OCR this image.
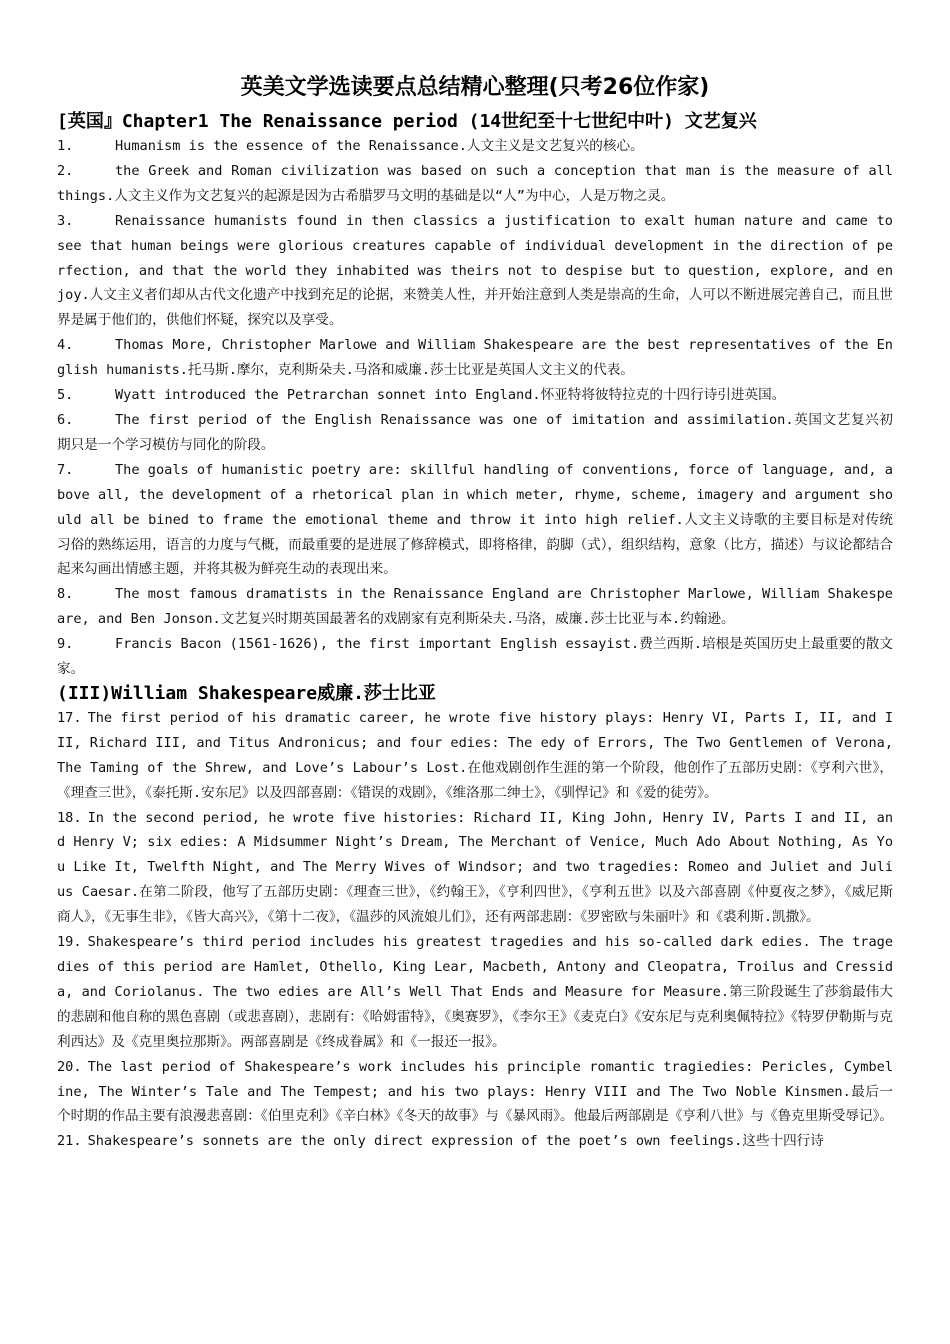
英美文学选读要点总结精心整理(只考26位作家)
[英国』Chapter1 The Renaissance period (14世纪至十七世纪中叶) 文艺复兴

1.	Humanism is the essence of the Renaissance.人文主义是文艺复兴的核心。

2.	the Greek and Roman civilization was based on such a conception that man is the measure of all things.人文主义作为文艺复兴的起源是因为古希腊罗马文明的基础是以“人”为中心，人是万物之灵。

3.	Renaissance humanists found in then classics a justification to exalt human nature and came to see that human beings were glorious creatures capable of individual development in the direction of perfection, and that the world they inhabited was theirs not to despise but to question, explore, and enjoy.人文主义者们却从古代文化遗产中找到充足的论据，来赞美人性，并开始注意到人类是崇高的生命，人可以不断进展完善自己，而且世界是属于他们的，供他们怀疑，探究以及享受。

4.	Thomas More, Christopher Marlowe and William Shakespeare are the best representatives of the English humanists.托马斯.摩尔，克利斯朵夫.马洛和威廉.莎士比亚是英国人文主义的代表。

5.	Wyatt introduced the Petrarchan sonnet into England.怀亚特将彼特拉克的十四行诗引进英国。

6.	The first period of the English Renaissance was one of imitation and assimilation.英国文艺复兴初期只是一个学习模仿与同化的阶段。

7.	The goals of humanistic poetry are: skillful handling of conventions, force of language, and, above all, the development of a rhetorical plan in which meter, rhyme, scheme, imagery and argument should all be bined to frame the emotional theme and throw it into high relief.人文主义诗歌的主要目标是对传统习俗的熟练运用，语言的力度与气概，而最重要的是进展了修辞模式，即将格律，韵脚（式），组织结构，意象（比方，描述）与议论都结合起来勾画出情感主题，并将其极为鲜亮生动的表现出来。

8.	The most famous dramatists in the Renaissance England are Christopher Marlowe, William Shakespeare, and Ben Jonson.文艺复兴时期英国最著名的戏剧家有克利斯朵夫.马洛，威廉.莎士比亚与本.约翰逊。

9.	Francis Bacon (1561-1626), the first important English essayist.费兰西斯.培根是英国历史上最重要的散文家。

(III)William Shakespeare威廉.莎士比亚

17. The first period of his dramatic career, he wrote five history plays: Henry VI, Parts I, II, and III, Richard III, and Titus Andronicus; and four edies: The edy of Errors, The Two Gentlemen of Verona, The Taming of the Shrew, and Love’s Labour’s Lost.在他戏剧创作生涯的第一个阶段，他创作了五部历史剧：《亨利六世》，《理查三世》，《泰托斯.安东尼》以及四部喜剧：《错误的戏剧》，《维洛那二绅士》，《驯悍记》和《爱的徒劳》。

18. In the second period, he wrote five histories: Richard II, King John, Henry IV, Parts I and II, and Henry V; six edies: A Midsummer Night’s Dream, The Merchant of Venice, Much Ado About Nothing, As You Like It, Twelfth Night, and The Merry Wives of Windsor; and two tragedies: Romeo and Juliet and Julius Caesar.在第二阶段，他写了五部历史剧：《理查三世》，《约翰王》，《亨利四世》，《亨利五世》以及六部喜剧《仲夏夜之梦》，《威尼斯商人》，《无事生非》，《皆大高兴》，《第十二夜》，《温莎的风流娘儿们》，还有两部悲剧：《罗密欧与朱丽叶》和《裘利斯.凯撒》。

19. Shakespeare’s third period includes his greatest tragedies and his so-called dark edies. The tragedies of this period are Hamlet, Othello, King Lear, Macbeth, Antony and Cleopatra, Troilus and Cressida, and Coriolanus. The two edies are All’s Well That Ends and Measure for Measure.第三阶段诞生了莎翁最伟大的悲剧和他自称的黑色喜剧（或悲喜剧），悲剧有：《哈姆雷特》，《奥赛罗》，《李尔王》《麦克白》《安东尼与克利奥佩特拉》《特罗伊勒斯与克利西达》及《克里奥拉那斯》。两部喜剧是《终成眷属》和《一报还一报》。

20. The last period of Shakespeare’s work includes his principle romantic tragiedies: Pericles, Cymbeline, The Winter’s Tale and The Tempest; and his two plays: Henry VIII and The Two Noble Kinsmen.最后一个时期的作品主要有浪漫悲喜剧：《伯里克利》《辛白林》《冬天的故事》与《暴风雨》。他最后两部剧是《亨利八世》与《鲁克里斯受辱记》。

21. Shakespeare’s sonnets are the only direct expression of the poet’s own feelings.这些十四行诗
